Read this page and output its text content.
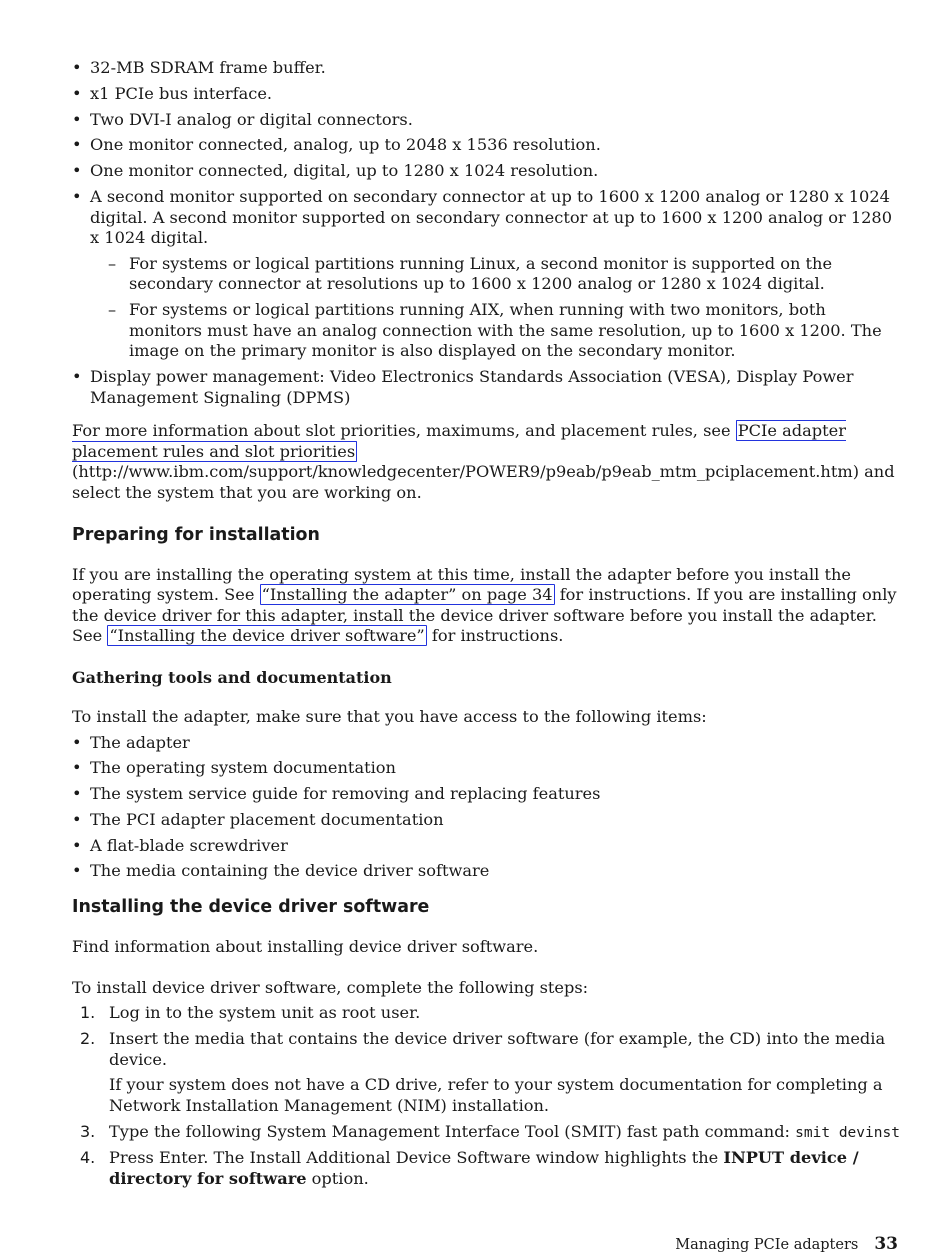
• 32-MB SDRAM frame buffer.
• x1 PCIe bus interface.
• Two DVI-I analog or digital connectors.
• One monitor connected, analog, up to 2048 x 1536 resolution.
• One monitor connected, digital, up to 1280 x 1024 resolution.
• A second monitor supported on secondary connector at up to 1600 x 1200 analog or 1280 x 1024 digital. A second monitor supported on secondary connector at up to 1600 x 1200 analog or 1280 x 1024 digital.
– For systems or logical partitions running Linux, a second monitor is supported on the secondary connector at resolutions up to 1600 x 1200 analog or 1280 x 1024 digital.
– For systems or logical partitions running AIX, when running with two monitors, both monitors must have an analog connection with the same resolution, up to 1600 x 1200. The image on the primary monitor is also displayed on the secondary monitor.
• Display power management: Video Electronics Standards Association (VESA), Display Power Management Signaling (DPMS)

For more information about slot priorities, maximums, and placement rules, see PCIe adapter placement rules and slot priorities (http://www.ibm.com/support/knowledgecenter/POWER9/p9eab/p9eab_mtm_pciplacement.htm) and select the system that you are working on.

Preparing for installation

If you are installing the operating system at this time, install the adapter before you install the operating system. See “Installing the adapter” on page 34 for instructions. If you are installing only the device driver for this adapter, install the device driver software before you install the adapter. See “Installing the device driver software” for instructions.

Gathering tools and documentation

To install the adapter, make sure that you have access to the following items:

• The adapter
• The operating system documentation
• The system service guide for removing and replacing features
• The PCI adapter placement documentation
• A flat-blade screwdriver
• The media containing the device driver software
Installing the device driver software

Find information about installing device driver software.

To install device driver software, complete the following steps:

1. Log in to the system unit as root user.
2. Insert the media that contains the device driver software (for example, the CD) into the media device.

If your system does not have a CD drive, refer to your system documentation for completing a Network Installation Management (NIM) installation.

3. Type the following System Management Interface Tool (SMIT) fast path command: smit devinst
4. Press Enter. The Install Additional Device Software window highlights the INPUT device / directory for software option.
Managing PCIe adapters 33
